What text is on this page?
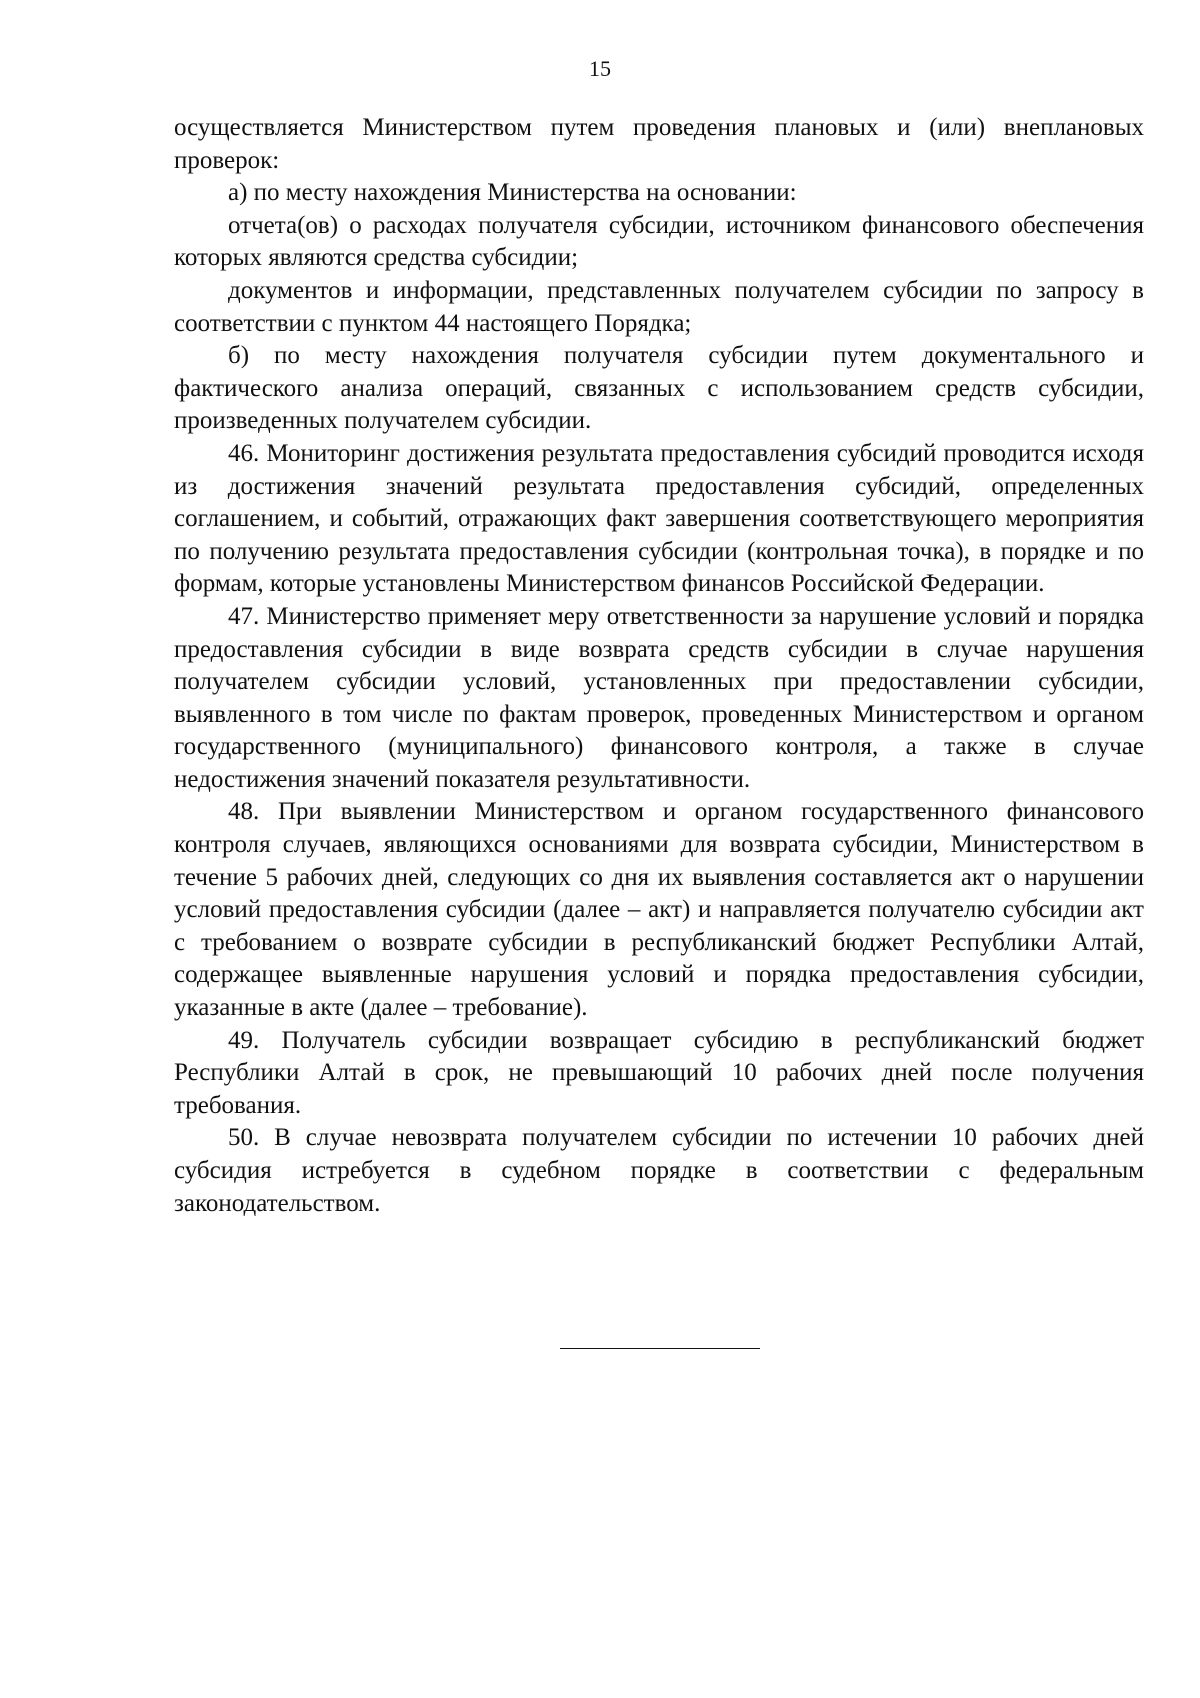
15

осуществляется Министерством путем проведения плановых и (или) внеплановых проверок:

а) по месту нахождения Министерства на основании:

отчета(ов) о расходах получателя субсидии, источником финансового обеспечения которых являются средства субсидии;

документов и информации, представленных получателем субсидии по запросу в соответствии с пунктом 44 настоящего Порядка;

б) по месту нахождения получателя субсидии путем документального и фактического анализа операций, связанных с использованием средств субсидии, произведенных получателем субсидии.

46. Мониторинг достижения результата предоставления субсидий проводится исходя из достижения значений результата предоставления субсидий, определенных соглашением, и событий, отражающих факт завершения соответствующего мероприятия по получению результата предоставления субсидии (контрольная точка), в порядке и по формам, которые установлены Министерством финансов Российской Федерации.

47. Министерство применяет меру ответственности за нарушение условий и порядка предоставления субсидии в виде возврата средств субсидии в случае нарушения получателем субсидии условий, установленных при предоставлении субсидии, выявленного в том числе по фактам проверок, проведенных Министерством и органом государственного (муниципального) финансового контроля, а также в случае недостижения значений показателя результативности.

48. При выявлении Министерством и органом государственного финансового контроля случаев, являющихся основаниями для возврата субсидии, Министерством в течение 5 рабочих дней, следующих со дня их выявления составляется акт о нарушении условий предоставления субсидии (далее – акт) и направляется получателю субсидии акт с требованием о возврате субсидии в республиканский бюджет Республики Алтай, содержащее выявленные нарушения условий и порядка предоставления субсидии, указанные в акте (далее – требование).

49. Получатель субсидии возвращает субсидию в республиканский бюджет Республики Алтай в срок, не превышающий 10 рабочих дней после получения требования.

50. В случае невозврата получателем субсидии по истечении 10 рабочих дней субсидия истребуется в судебном порядке в соответствии с федеральным законодательством.
